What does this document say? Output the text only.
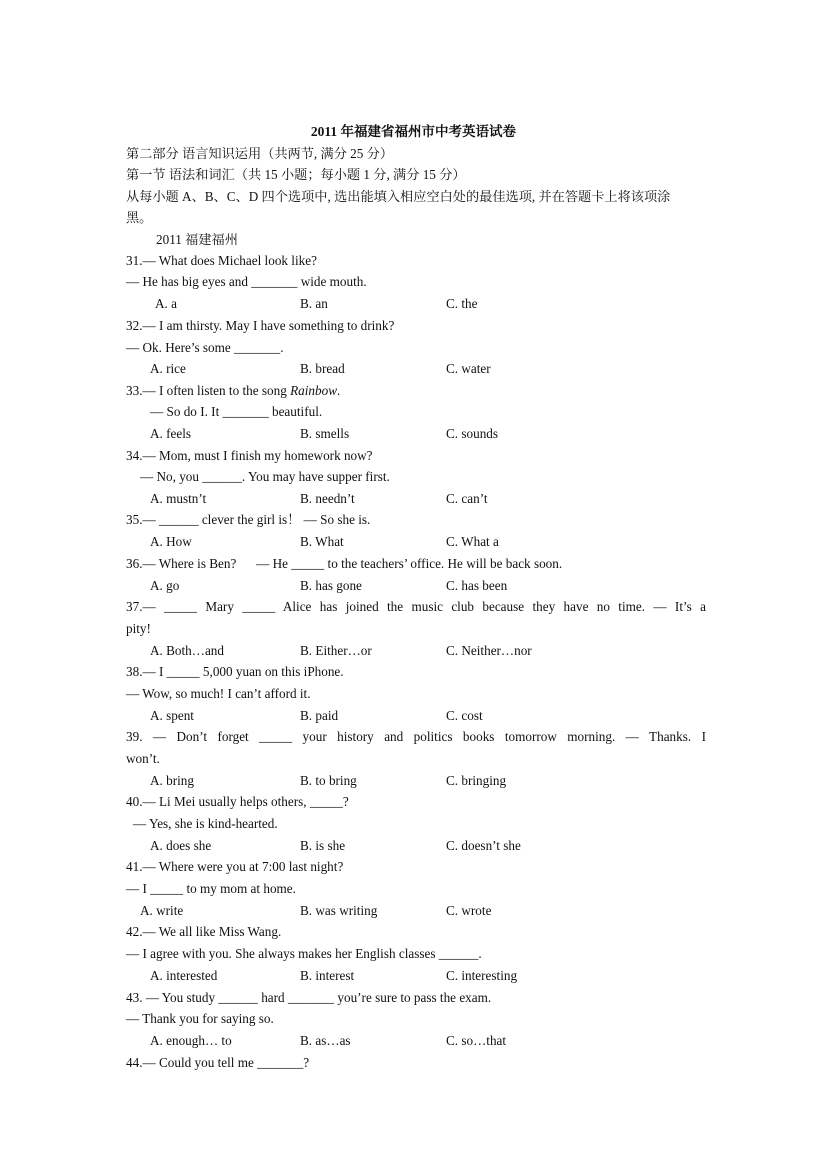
2011 年福建省福州市中考英语试卷
第二部分 语言知识运用（共两节, 满分 25 分）
第一节 语法和词汇（共 15 小题；每小题 1 分, 满分 15 分）
从每小题 A、B、C、D 四个选项中, 选出能填入相应空白处的最佳选项, 并在答题卡上将该项涂
黑。
2011 福建福州
31.— What does Michael look like?
— He has big eyes and _______ wide mouth.
A. a	B. an	C. the
32.— I am thirsty. May I have something to drink?
— Ok. Here’s some _______.
A. rice	B. bread	C. water
33.— I often listen to the song Rainbow.
— So do I. It _______ beautiful.
A. feels	B. smells	C. sounds
34.— Mom, must I finish my homework now?
— No, you ______. You may have supper first.
A. mustn’t	B. needn’t	C. can’t
35.— ______ clever the girl is！ — So she is.
A. How	B. What	C. What a
36.— Where is Ben?      — He _____ to the teachers’ office. He will be back soon.
A. go	B. has gone	C. has been
37.— _____ Mary _____ Alice has joined the music club because they have no time. — It’s a
pity!
A. Both…and	B. Either…or	C. Neither…nor
38.— I _____ 5,000 yuan on this iPhone.
— Wow, so much! I can’t afford it.
A. spent	B. paid	C. cost
39. — Don’t forget _____ your history and politics books tomorrow morning. — Thanks. I
won’t.
A. bring	B. to bring	C. bringing
40.— Li Mei usually helps others, _____?
— Yes, she is kind-hearted.
A. does she	B. is she	C. doesn’t she
41.— Where were you at 7:00 last night?
— I _____ to my mom at home.
A. write	B. was writing	C. wrote
42.— We all like Miss Wang.
— I agree with you. She always makes her English classes ______.
A. interested	B. interest	C. interesting
43. — You study ______ hard _______ you’re sure to pass the exam.
— Thank you for saying so.
A. enough… to	B. as…as	C. so…that
44.— Could you tell me _______?
